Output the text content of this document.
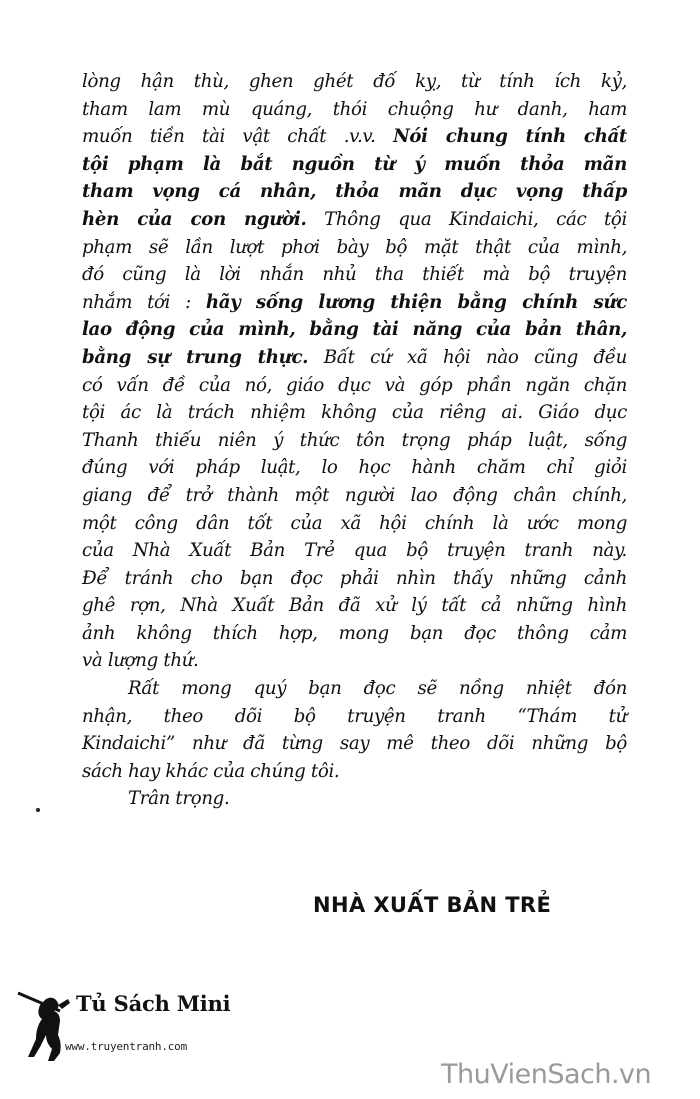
lòng hận thù, ghen ghét đố kỵ, từ tính ích kỷ,
tham lam mù quáng, thói chuộng hư danh, ham
muốn tiền tài vật chất .v.v. Nói chung tính chất
tội phạm là bắt nguồn từ ý muốn thỏa mãn
tham vọng cá nhân, thỏa mãn dục vọng thấp
hèn của con người. Thông qua Kindaichi, các tội
phạm sẽ lần lượt phơi bày bộ mặt thật của mình,
đó cũng là lời nhắn nhủ tha thiết mà bộ truyện
nhắm tới : hãy sống lương thiện bằng chính sức
lao động của mình, bằng tài năng của bản thân,
bằng sự trung thực. Bất cứ xã hội nào cũng đều
có vấn đề của nó, giáo dục và góp phần ngăn chặn
tội ác là trách nhiệm không của riêng ai. Giáo dục
Thanh thiếu niên ý thức tôn trọng pháp luật, sống
đúng với pháp luật, lo học hành chăm chỉ giỏi
giang để trở thành một người lao động chân chính,
một công dân tốt của xã hội chính là ước mong
của Nhà Xuất Bản Trẻ qua bộ truyện tranh này.
Để tránh cho bạn đọc phải nhìn thấy những cảnh
ghê rợn, Nhà Xuất Bản đã xử lý tất cả những hình
ảnh không thích hợp, mong bạn đọc thông cảm
và lượng thứ.
Rất mong quý bạn đọc sẽ nồng nhiệt đón
nhận, theo dõi bộ truyện tranh “Thám tử
Kindaichi” như đã từng say mê theo dõi những bộ
sách hay khác của chúng tôi.
Trân trọng.
NHÀ XUẤT BẢN TRẺ
Tủ Sách Mini
www.truyentranh.com
ThuVienSach.vn
